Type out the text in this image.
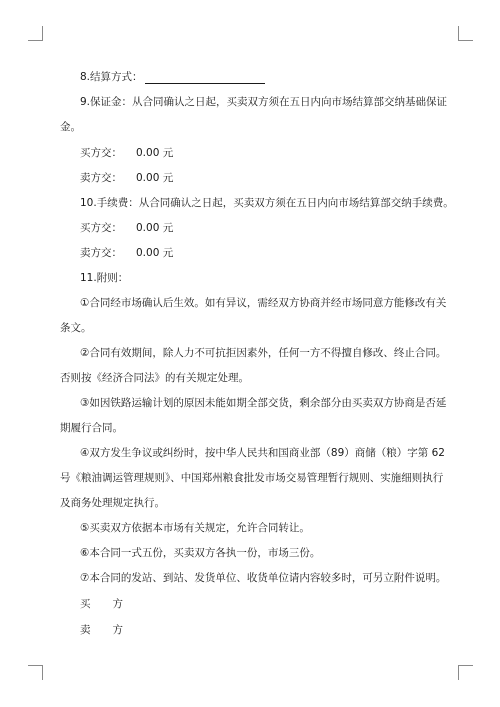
8.结算方式：
9.保证金：从合同确认之日起，买卖双方须在五日内向市场结算部交纳基础保证
金。
买方交： 0.00 元
卖方交： 0.00 元
10.手续费：从合同确认之日起，买卖双方须在五日内向市场结算部交纳手续费。
买方交： 0.00 元
卖方交： 0.00 元
11.附则：
①合同经市场确认后生效。如有异议，需经双方协商并经市场同意方能修改有关
条文。
②合同有效期间，除人力不可抗拒因素外，任何一方不得擅自修改、终止合同。
否则按《经济合同法》的有关规定处理。
③如因铁路运输计划的原因未能如期全部交货，剩余部分由买卖双方协商是否延
期履行合同。
④双方发生争议或纠纷时，按中华人民共和国商业部（89）商储（粮）字第 62
号《粮油调运管理规则》、中国郑州粮食批发市场交易管理暂行规则、实施细则执行
及商务处理规定执行。
⑤买卖双方依据本市场有关规定，允许合同转让。
⑥本合同一式五份，买卖双方各执一份，市场三份。
⑦本合同的发站、到站、发货单位、收货单位请内容较多时，可另立附件说明。
买方
卖方
